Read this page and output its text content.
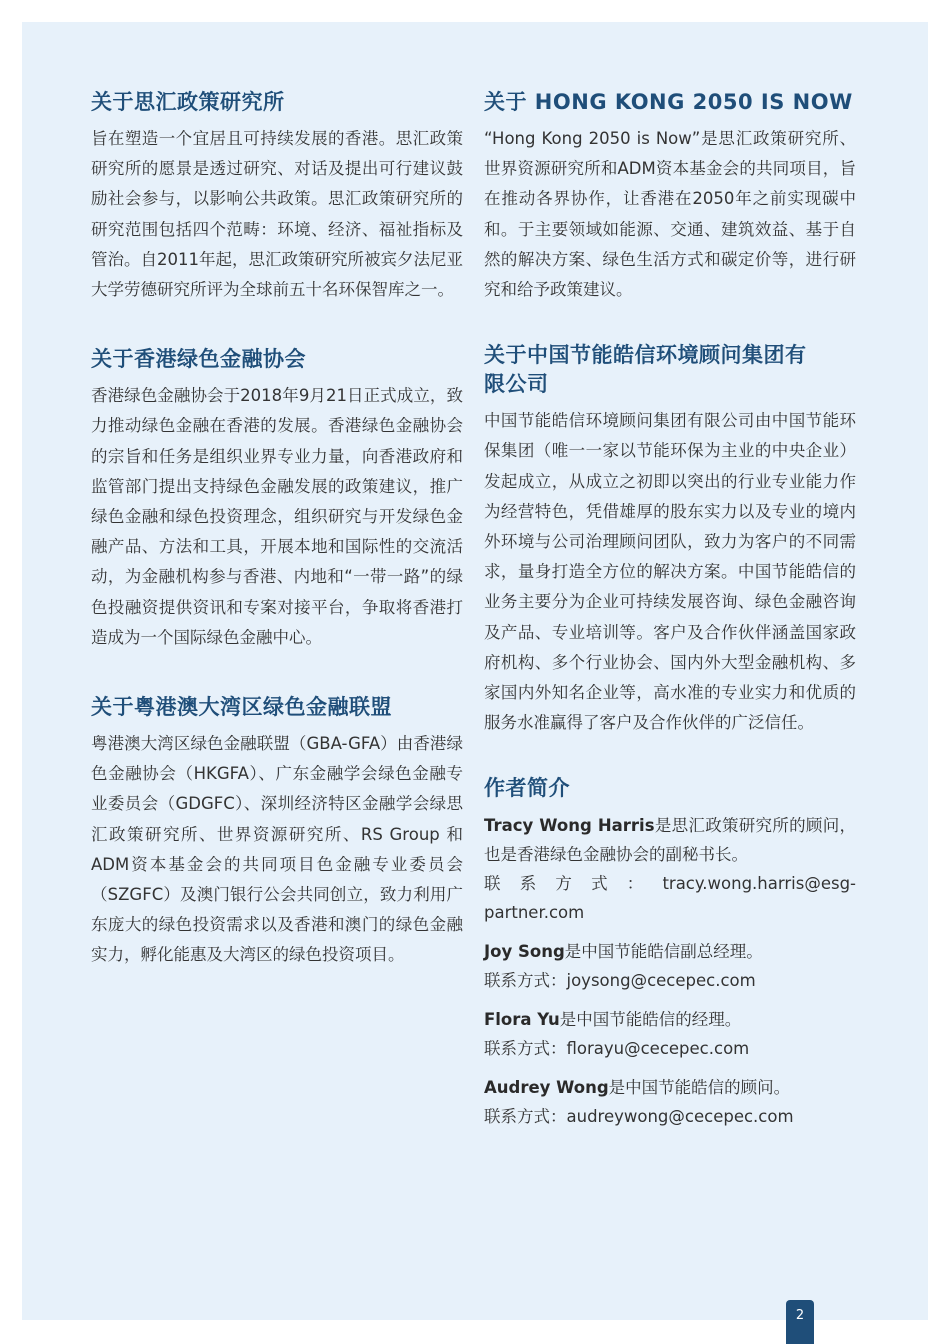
关于思汇政策研究所

旨在塑造一个宜居且可持续发展的香港。思汇政策研究所的愿景是透过研究、对话及提出可行建议鼓励社会参与，以影响公共政策。思汇政策研究所的研究范围包括四个范畴：环境、经济、福祉指标及管治。自2011年起，思汇政策研究所被宾夕法尼亚大学劳德研究所评为全球前五十名环保智库之一。

关于香港绿色金融协会

香港绿色金融协会于2018年9月21日正式成立，致力推动绿色金融在香港的发展。香港绿色金融协会的宗旨和任务是组织业界专业力量，向香港政府和监管部门提出支持绿色金融发展的政策建议，推广绿色金融和绿色投资理念，组织研究与开发绿色金融产品、方法和工具，开展本地和国际性的交流活动，为金融机构参与香港、内地和“一带一路”的绿色投融资提供资讯和专案对接平台，争取将香港打造成为一个国际绿色金融中心。

关于粤港澳大湾区绿色金融联盟

粤港澳大湾区绿色金融联盟（GBA-GFA）由香港绿色金融协会（HKGFA）、广东金融学会绿色金融专业委员会（GDGFC）、深圳经济特区金融学会绿思汇政策研究所、世界资源研究所、RS Group 和ADM资本基金会的共同项目色金融专业委员会（SZGFC）及澳门银行公会共同创立，致力利用广东庞大的绿色投资需求以及香港和澳门的绿色金融实力，孵化能惠及大湾区的绿色投资项目。

关于 HONG KONG 2050 IS NOW

“Hong Kong 2050 is Now”是思汇政策研究所、世界资源研究所和ADM资本基金会的共同项目，旨在推动各界协作，让香港在2050年之前实现碳中和。于主要领域如能源、交通、建筑效益、基于自然的解决方案、绿色生活方式和碳定价等，进行研究和给予政策建议。

关于中国节能皓信环境顾问集团有限公司

中国节能皓信环境顾问集团有限公司由中国节能环保集团（唯一一家以节能环保为主业的中央企业）发起成立，从成立之初即以突出的行业专业能力作为经营特色，凭借雄厚的股东实力以及专业的境内外环境与公司治理顾问团队，致力为客户的不同需求，量身打造全方位的解决方案。中国节能皓信的业务主要分为企业可持续发展咨询、绿色金融咨询及产品、专业培训等。客户及合作伙伴涵盖国家政府机构、多个行业协会、国内外大型金融机构、多家国内外知名企业等，高水准的专业实力和优质的服务水准赢得了客户及合作伙伴的广泛信任。

作者简介

Tracy Wong Harris是思汇政策研究所的顾问，也是香港绿色金融协会的副秘书长。

联系方式：tracy.wong.harris@esg-partner.com

Joy Song是中国节能皓信副总经理。

联系方式：joysong@cecepec.com

Flora Yu是中国节能皓信的经理。

联系方式：florayu@cecepec.com

Audrey Wong是中国节能皓信的顾问。

联系方式：audreywong@cecepec.com

2
